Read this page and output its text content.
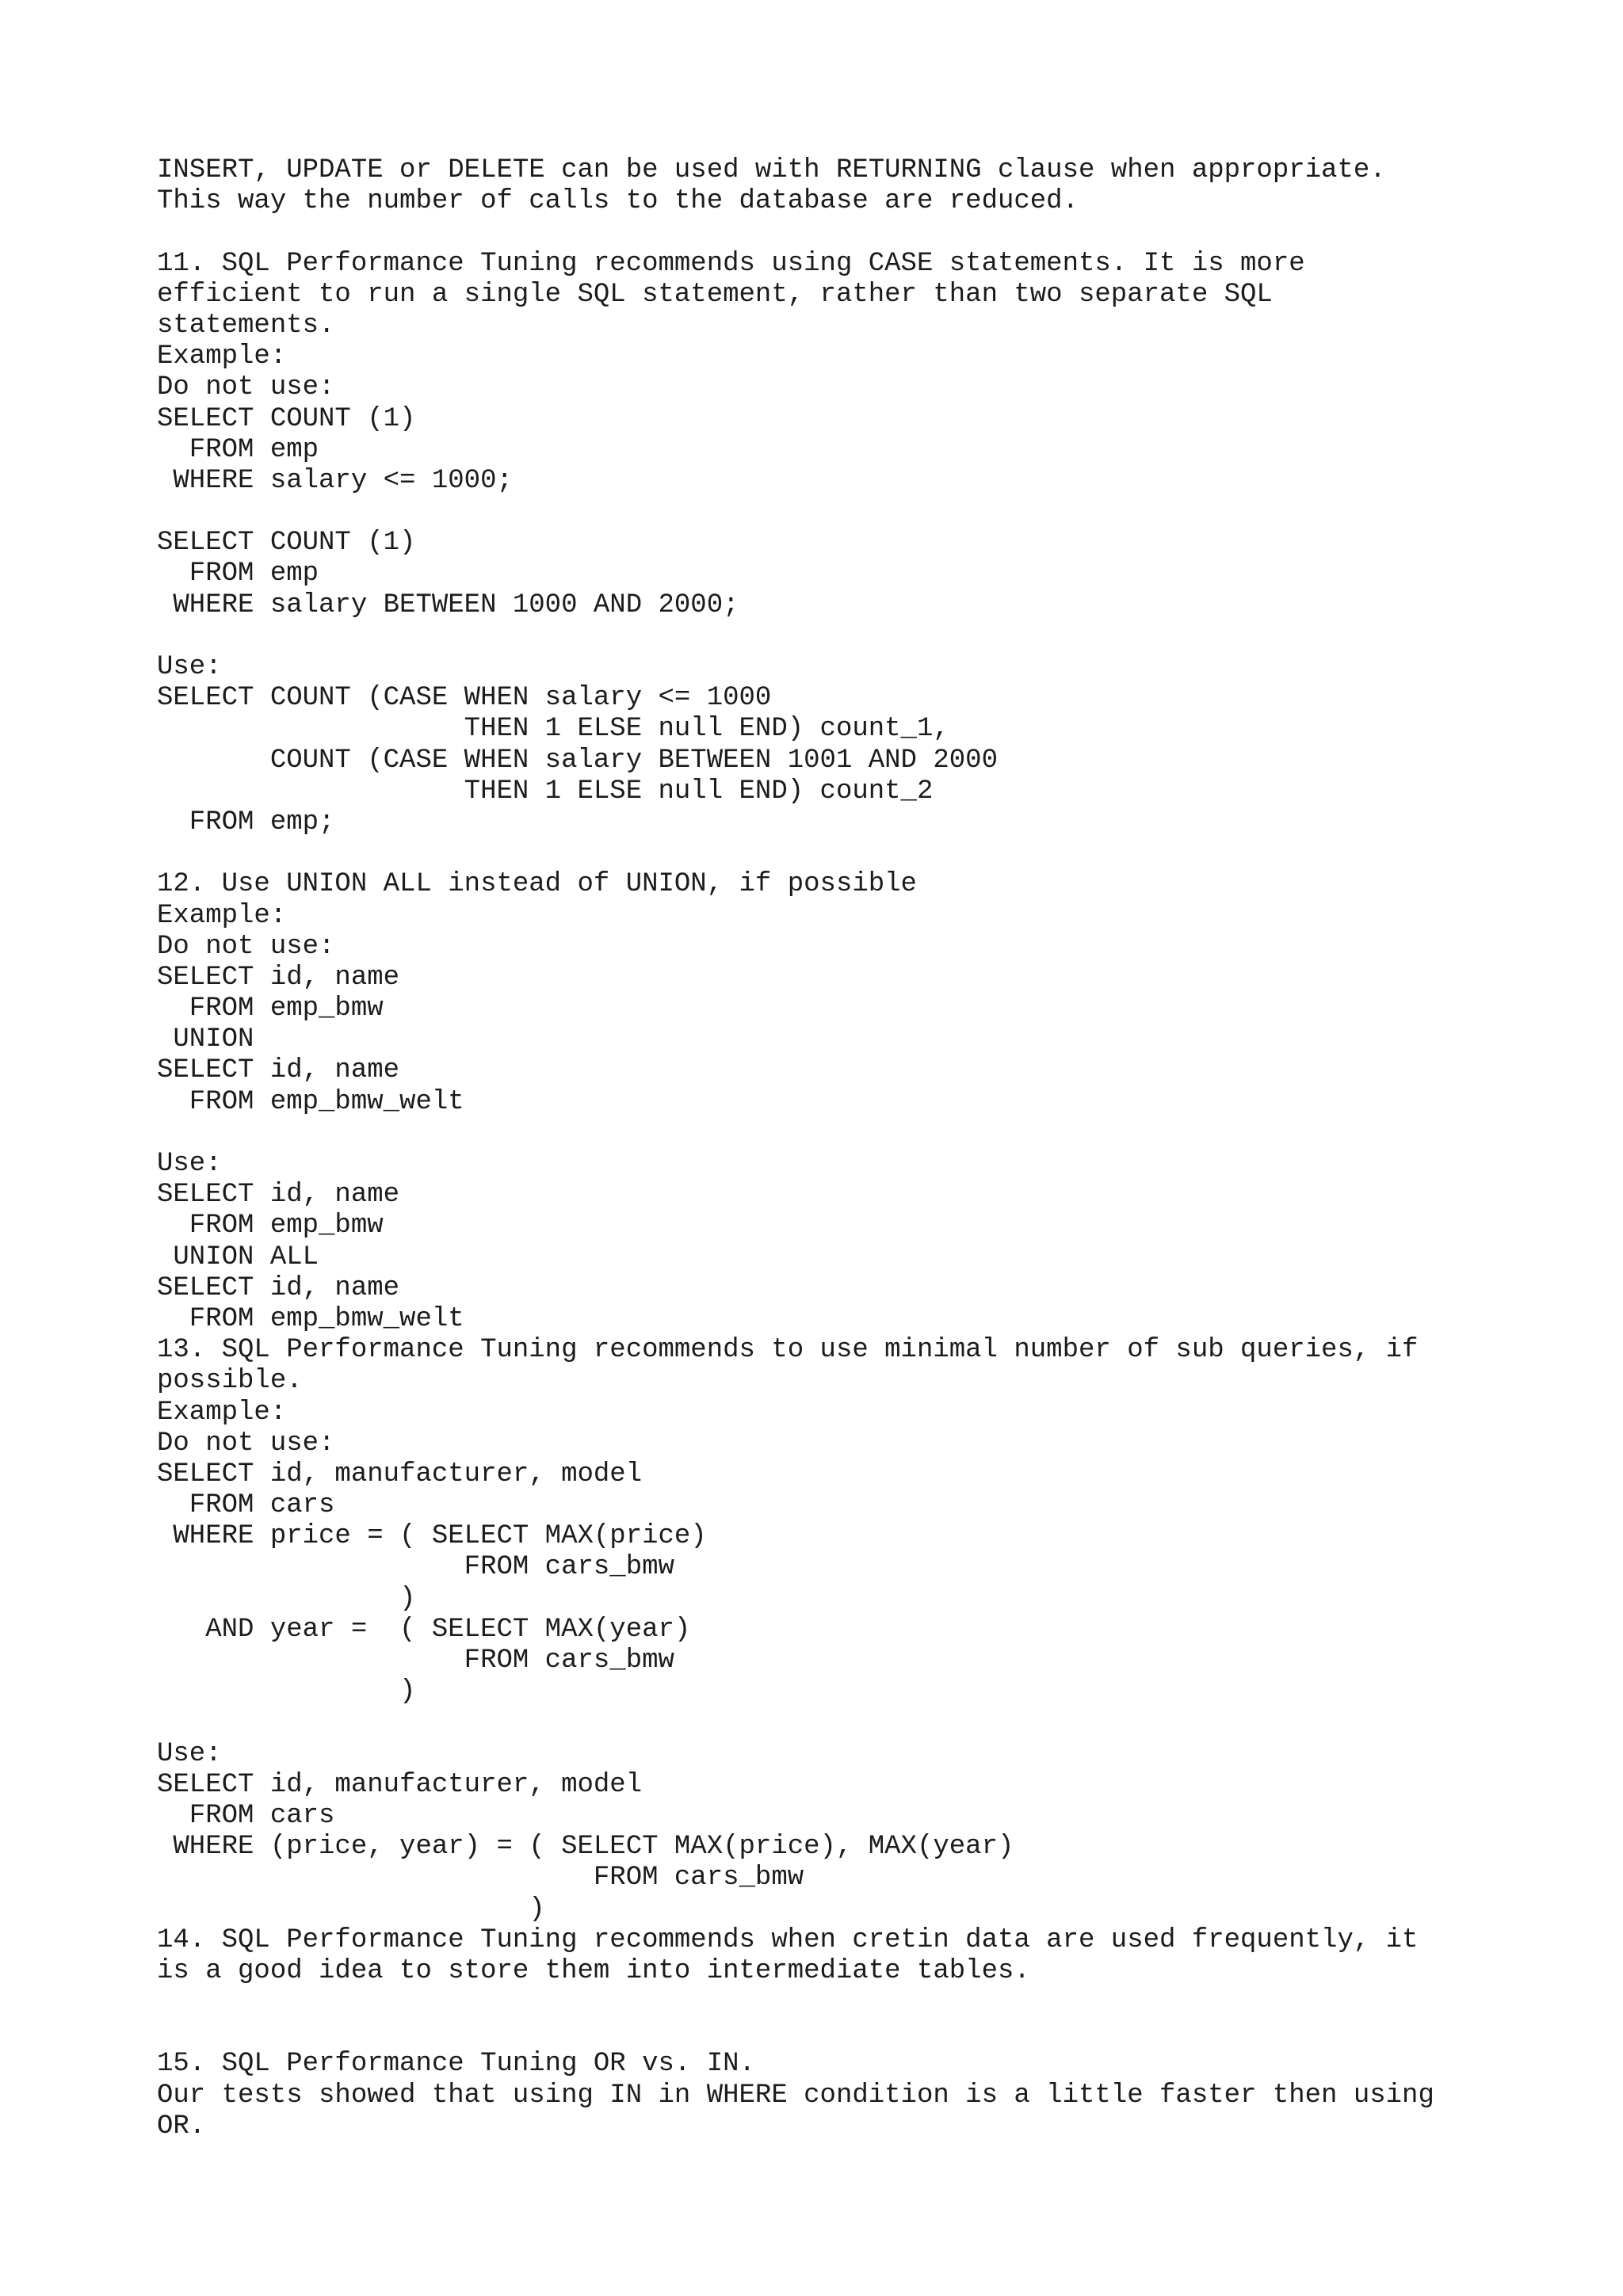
INSERT, UPDATE or DELETE can be used with RETURNING clause when appropriate.
This way the number of calls to the database are reduced.
11. SQL Performance Tuning recommends using CASE statements. It is more
efficient to run a single SQL statement, rather than two separate SQL
statements.
Example:
Do not use:
SELECT COUNT (1)
FROM emp
WHERE salary <= 1000;
SELECT COUNT (1)
FROM emp
WHERE salary BETWEEN 1000 AND 2000;
Use:
SELECT COUNT (CASE WHEN salary <= 1000
THEN 1 ELSE null END) count_1,
COUNT (CASE WHEN salary BETWEEN 1001 AND 2000
THEN 1 ELSE null END) count_2
FROM emp;
12. Use UNION ALL instead of UNION, if possible
Example:
Do not use:
SELECT id, name
FROM emp_bmw
UNION
SELECT id, name
FROM emp_bmw_welt
Use:
SELECT id, name
FROM emp_bmw
UNION ALL
SELECT id, name
FROM emp_bmw_welt
13. SQL Performance Tuning recommends to use minimal number of sub queries, if
possible.
Example:
Do not use:
SELECT id, manufacturer, model
FROM cars
WHERE price = ( SELECT MAX(price)
FROM cars_bmw
)
AND year =  ( SELECT MAX(year)
FROM cars_bmw
)
Use:
SELECT id, manufacturer, model
FROM cars
WHERE (price, year) = ( SELECT MAX(price), MAX(year)
FROM cars_bmw
)
14. SQL Performance Tuning recommends when cretin data are used frequently, it
is a good idea to store them into intermediate tables.
15. SQL Performance Tuning OR vs. IN.
Our tests showed that using IN in WHERE condition is a little faster then using
OR.
